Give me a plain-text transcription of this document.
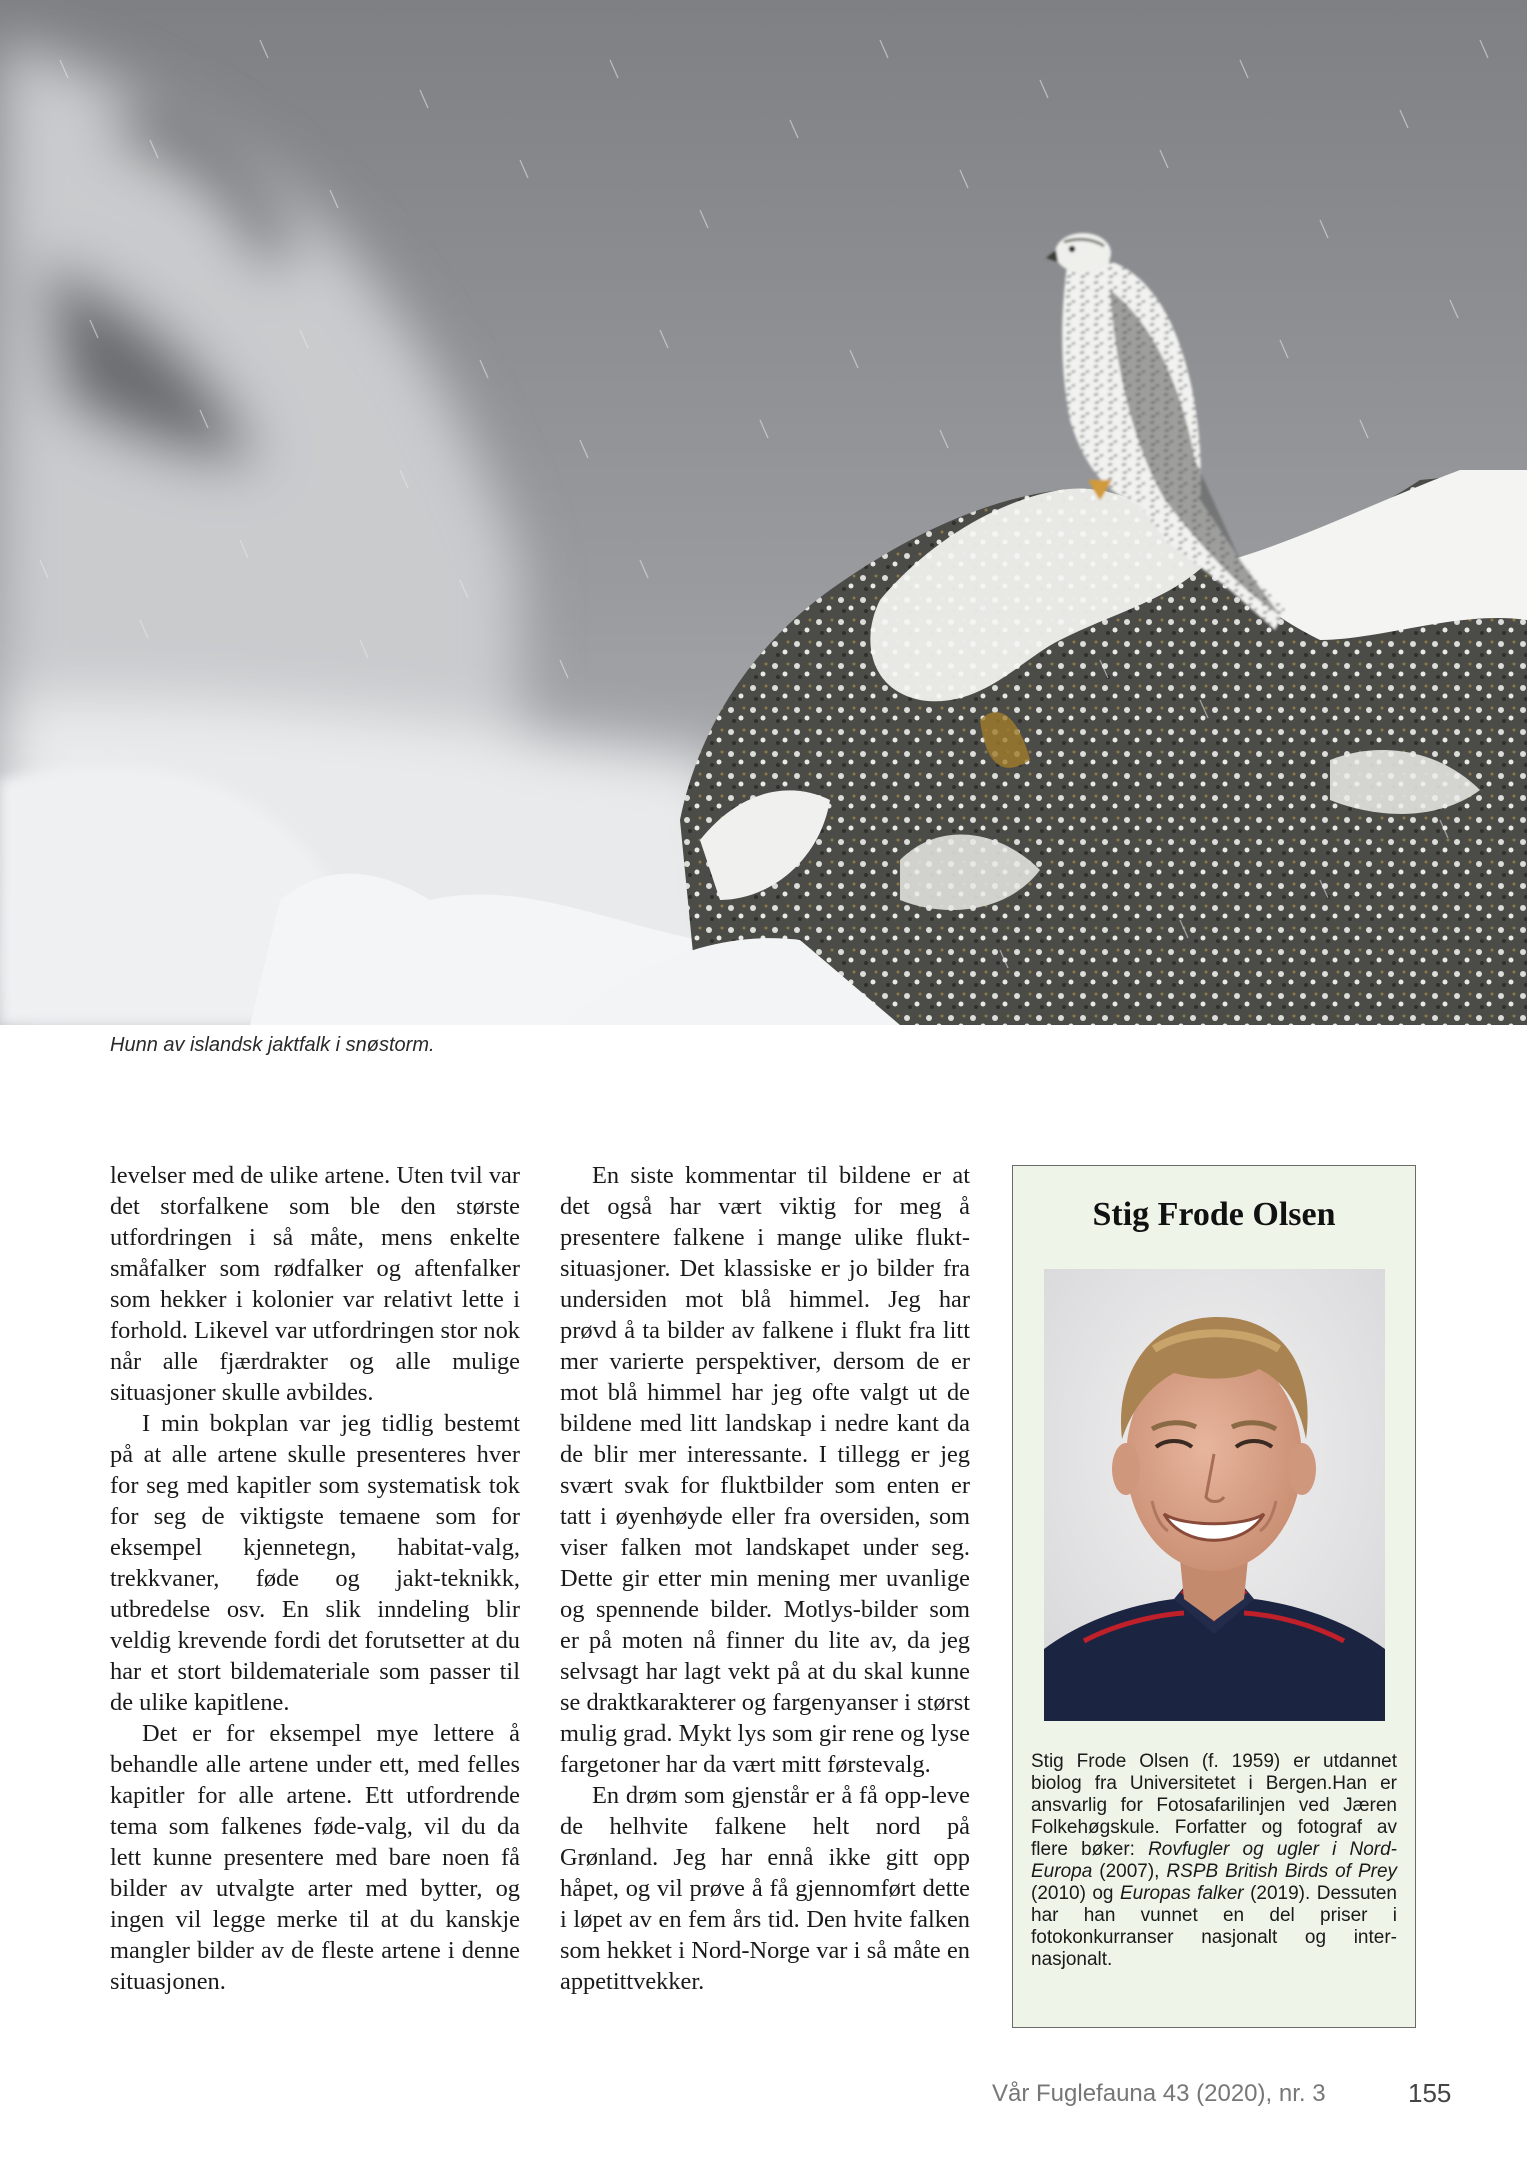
Hunn av islandsk jaktfalk i snøstorm.

levelser med de ulike artene. Uten tvil var det storfalkene som ble den største utfordringen i så måte, mens enkelte småfalker som rødfalker og aftenfalker som hekker i kolonier var relativt lette i forhold. Likevel var utfordringen stor nok når alle fjærdrakter og alle mulige situasjoner skulle avbildes.

I min bokplan var jeg tidlig bestemt på at alle artene skulle presenteres hver for seg med kapitler som systematisk tok for seg de viktigste temaene som for eksempel kjennetegn, habitat-valg, trekkvaner, føde og jakt-teknikk, utbredelse osv. En slik inndeling blir veldig krevende fordi det forutsetter at du har et stort bildemateriale som passer til de ulike kapitlene.

Det er for eksempel mye lettere å behandle alle artene under ett, med felles kapitler for alle artene. Ett utfordrende tema som falkenes føde-valg, vil du da lett kunne presentere med bare noen få bilder av utvalgte arter med bytter, og ingen vil legge merke til at du kanskje mangler bilder av de fleste artene i denne situasjonen.

En siste kommentar til bildene er at det også har vært viktig for meg å presentere falkene i mange ulike flukt-situasjoner. Det klassiske er jo bilder fra undersiden mot blå himmel. Jeg har prøvd å ta bilder av falkene i flukt fra litt mer varierte perspektiver, dersom de er mot blå himmel har jeg ofte valgt ut de bildene med litt landskap i nedre kant da de blir mer interessante. I tillegg er jeg svært svak for fluktbilder som enten er tatt i øyenhøyde eller fra oversiden, som viser falken mot landskapet under seg. Dette gir etter min mening mer uvanlige og spennende bilder. Motlys-bilder som er på moten nå finner du lite av, da jeg selvsagt har lagt vekt på at du skal kunne se draktkarakterer og fargenyanser i størst mulig grad. Mykt lys som gir rene og lyse fargetoner har da vært mitt førstevalg.

En drøm som gjenstår er å få opp-leve de helhvite falkene helt nord på Grønland. Jeg har ennå ikke gitt opp håpet, og vil prøve å få gjennomført dette i løpet av en fem års tid. Den hvite falken som hekket i Nord-Norge var i så måte en appetittvekker.

Stig Frode Olsen
Stig Frode Olsen (f. 1959) er utdannet biolog fra Universitetet i Bergen.Han er ansvarlig for Fotosafarilinjen ved Jæren Folkehøgskule. Forfatter og fotograf av flere bøker: Rovfugler og ugler i Nord-Europa (2007), RSPB British Birds of Prey (2010) og Europas falker (2019). Dessuten har han vunnet en del priser i fotokonkurranser nasjonalt og inter-nasjonalt.
Vår Fuglefauna 43 (2020), nr. 3	155
